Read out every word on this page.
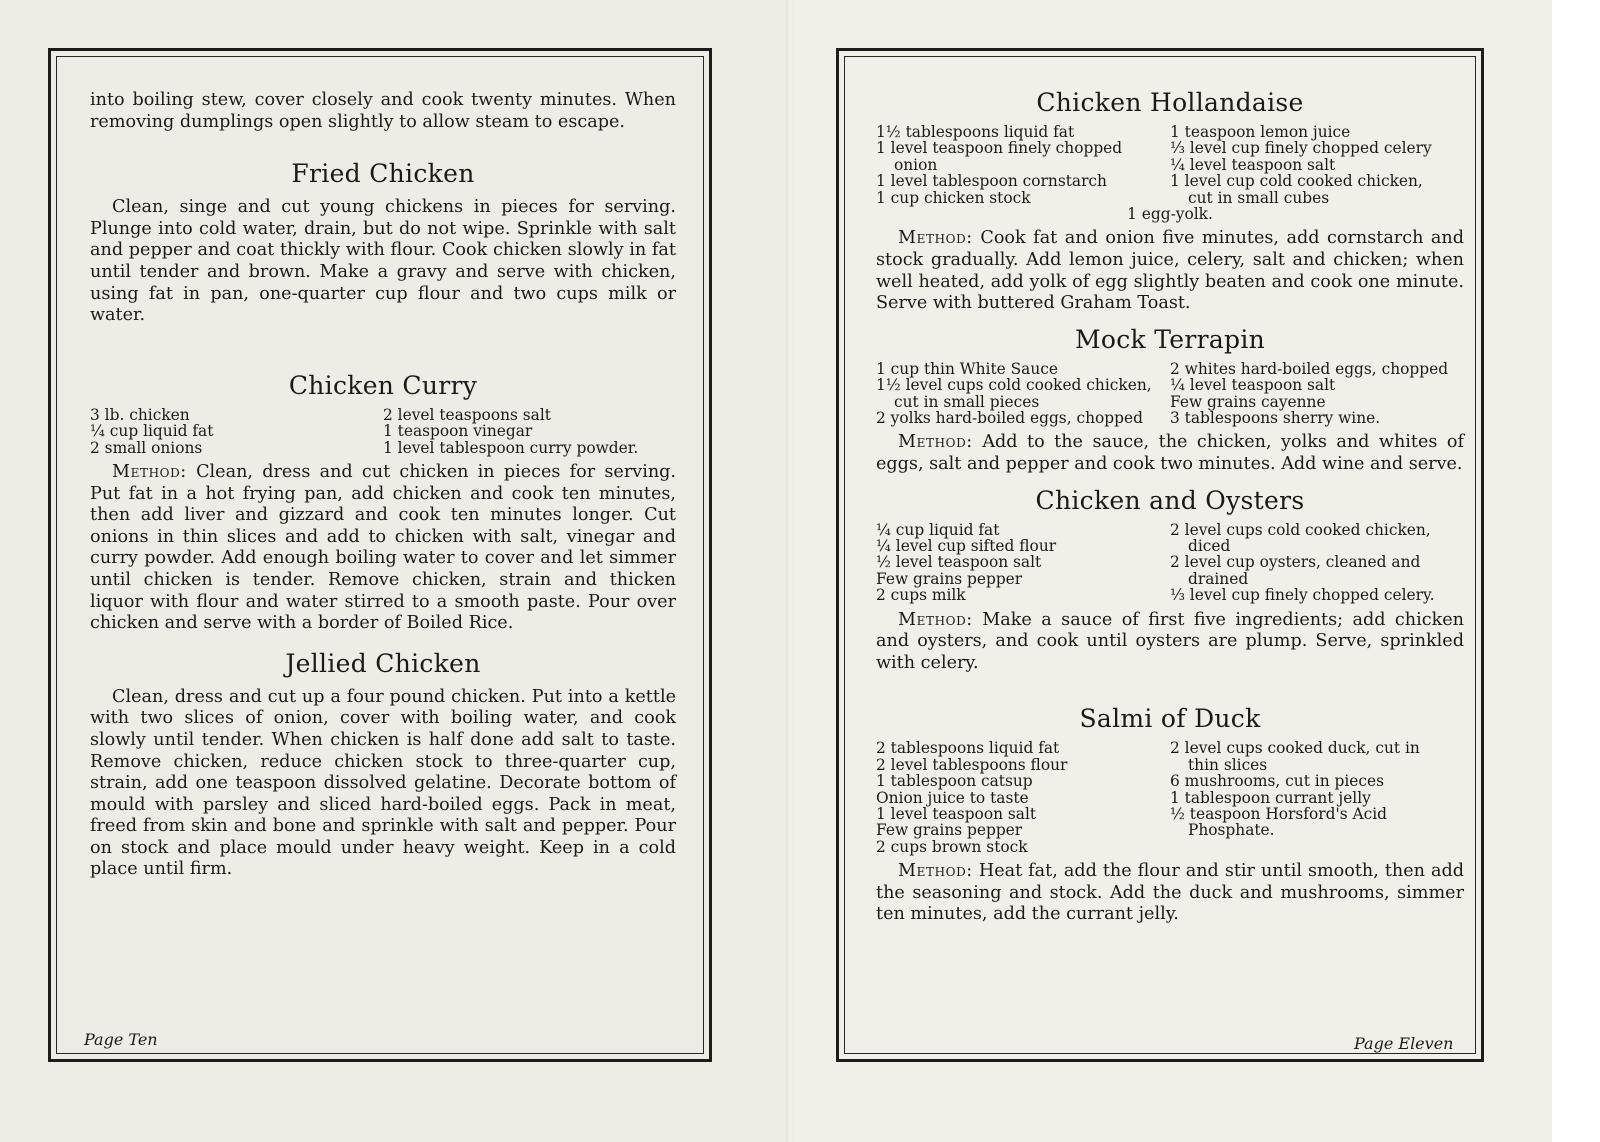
into boiling stew, cover closely and cook twenty minutes. When removing dumplings open slightly to allow steam to escape.

Fried Chicken

Clean, singe and cut young chickens in pieces for serving. Plunge into cold water, drain, but do not wipe. Sprinkle with salt and pepper and coat thickly with flour. Cook chicken slowly in fat until tender and brown. Make a gravy and serve with chicken, using fat in pan, one-quarter cup flour and two cups milk or water.

Chicken Curry
3 lb. chicken
¼ cup liquid fat
2 small onions
2 level teaspoons salt
1 teaspoon vinegar
1 level tablespoon curry powder.

Method: Clean, dress and cut chicken in pieces for serving. Put fat in a hot frying pan, add chicken and cook ten minutes, then add liver and gizzard and cook ten minutes longer. Cut onions in thin slices and add to chicken with salt, vinegar and curry powder. Add enough boiling water to cover and let simmer until chicken is tender. Remove chicken, strain and thicken liquor with flour and water stirred to a smooth paste. Pour over chicken and serve with a border of Boiled Rice.

Jellied Chicken

Clean, dress and cut up a four pound chicken. Put into a kettle with two slices of onion, cover with boiling water, and cook slowly until tender. When chicken is half done add salt to taste. Remove chicken, reduce chicken stock to three-quarter cup, strain, add one teaspoon dissolved gelatine. Decorate bottom of mould with parsley and sliced hard-boiled eggs. Pack in meat, freed from skin and bone and sprinkle with salt and pepper. Pour on stock and place mould under heavy weight. Keep in a cold place until firm.

Page Ten
Chicken Hollandaise
1½ tablespoons liquid fat
1 level teaspoon finely chopped
onion
1 level tablespoon cornstarch
1 cup chicken stock
1 teaspoon lemon juice
⅓ level cup finely chopped celery
¼ level teaspoon salt
1 level cup cold cooked chicken,
cut in small cubes
1 egg-yolk.

Method: Cook fat and onion five minutes, add cornstarch and stock gradually. Add lemon juice, celery, salt and chicken; when well heated, add yolk of egg slightly beaten and cook one minute. Serve with buttered Graham Toast.

Mock Terrapin
1 cup thin White Sauce
1½ level cups cold cooked chicken,
cut in small pieces
2 yolks hard-boiled eggs, chopped
2 whites hard-boiled eggs, chopped
¼ level teaspoon salt
Few grains cayenne
3 tablespoons sherry wine.

Method: Add to the sauce, the chicken, yolks and whites of eggs, salt and pepper and cook two minutes. Add wine and serve.

Chicken and Oysters
¼ cup liquid fat
¼ level cup sifted flour
½ level teaspoon salt
Few grains pepper
2 cups milk
2 level cups cold cooked chicken,
diced
2 level cup oysters, cleaned and
drained
⅓ level cup finely chopped celery.

Method: Make a sauce of first five ingredients; add chicken and oysters, and cook until oysters are plump. Serve, sprinkled with celery.

Salmi of Duck
2 tablespoons liquid fat
2 level tablespoons flour
1 tablespoon catsup
Onion juice to taste
1 level teaspoon salt
Few grains pepper
2 cups brown stock
2 level cups cooked duck, cut in
thin slices
6 mushrooms, cut in pieces
1 tablespoon currant jelly
½ teaspoon Horsford's Acid
Phosphate.

Method: Heat fat, add the flour and stir until smooth, then add the seasoning and stock. Add the duck and mushrooms, simmer ten minutes, add the currant jelly.

Page Eleven
